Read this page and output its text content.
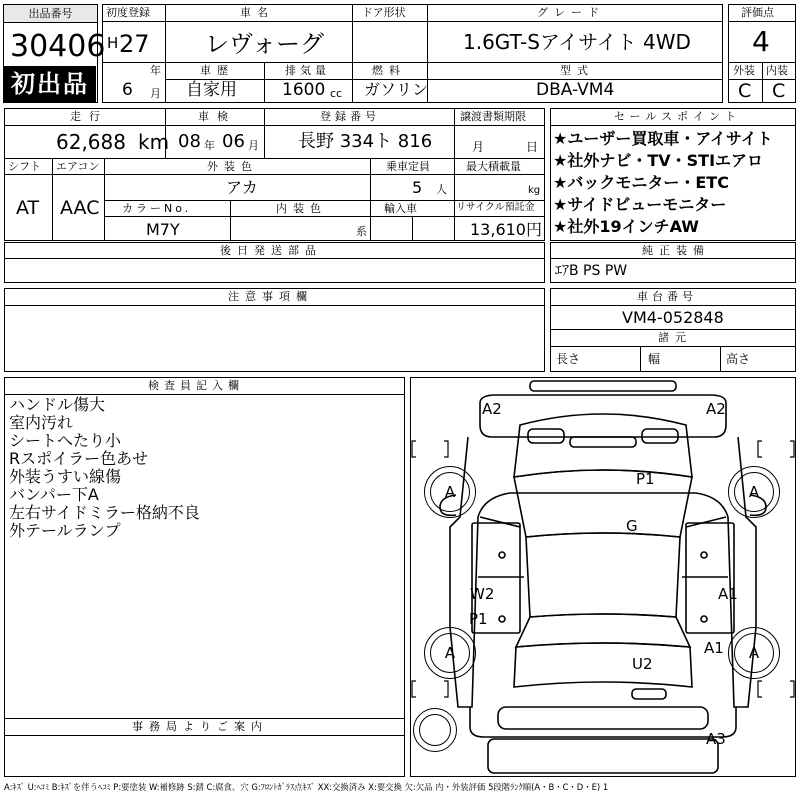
出品番号
30406
初出品
初度登録
H 27
年
6 月
車名
レヴォーグ
ドア形状	グレード
1.6GT-Sアイサイト 4WD
車歴
自家用
排気量
1600 cc
燃料
ガソリン
型式
DBA-VM4
評価点
4
外装 内装
C C
走行
62,688 km
車検
08 年 06 月
登録番号
長野 334ト 816
譲渡書類期限
月	日
シフト エアコン
AT AAC
外装色
アカ
乗車定員
5 人
最大積載量
kg
カラーNo.
M7Y
内装色
系
輸入車	リサイクル預託金
13,610円
後日発送部品
セールスポイント
★ユーザー買取車・アイサイト
★社外ナビ・TV・STIエアロ
★バックモニター・ETC
★サイドビューモニター
★社外19インチAW
純正装備
ｴｱB PS PW
注意事項欄	車台番号
VM4-052848
諸元
長さ	幅	高さ
検査員記入欄
ハンドル傷大
室内汚れ
シートへたり小
Rスポイラー色あせ
外装うすい線傷
バンパー下A
左右サイドミラー格納不良
外テールランプ
事務局よりご案内
A	A
A	A
A2	A2
P1
G
W2
P1
A1
A1
U2
A3
A:ｷｽﾞ U:ﾍｺﾐ B:ｷｽﾞを伴うﾍｺﾐ P:要塗装 W:補修跡 S:錆 C:腐食、穴 G:ﾌﾛﾝﾄｶﾞﾗｽ点ｷｽﾞ XX:交換済み X:要交換 欠:欠品 内・外装評価 5段階ﾗﾝｸ順(A・B・C・D・E) 1
